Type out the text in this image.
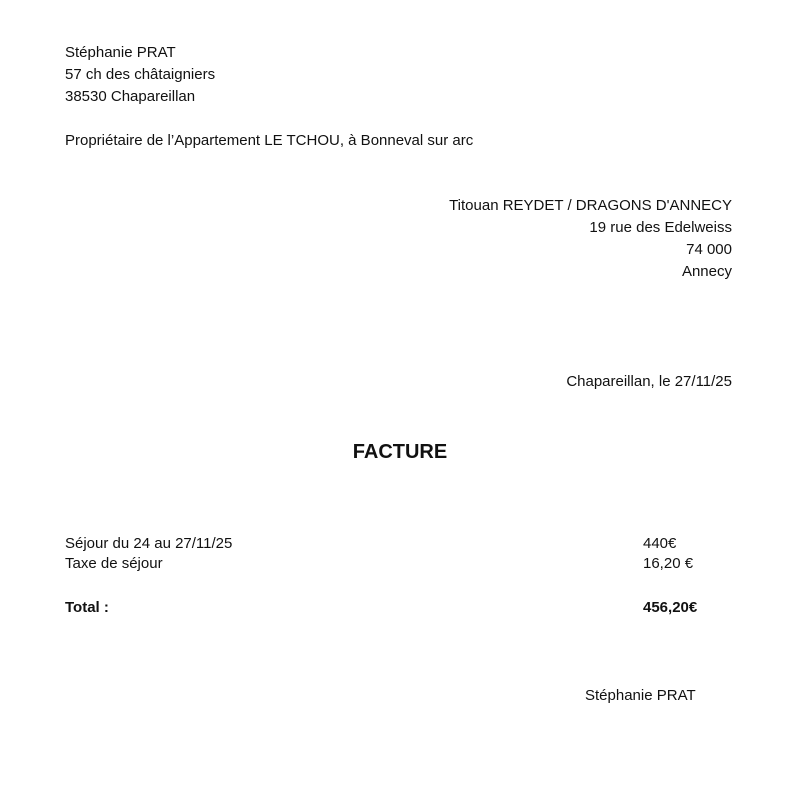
Stéphanie PRAT
57 ch des châtaigniers
38530 Chapareillan
Propriétaire de l’Appartement LE TCHOU, à Bonneval sur arc
Titouan REYDET / DRAGONS D'ANNECY
19 rue des Edelweiss
74 000
Annecy
Chapareillan, le 27/11/25
FACTURE
Séjour du 24 au 27/11/25	440€
Taxe de séjour	16,20 €
Total :	456,20€
Stéphanie PRAT
